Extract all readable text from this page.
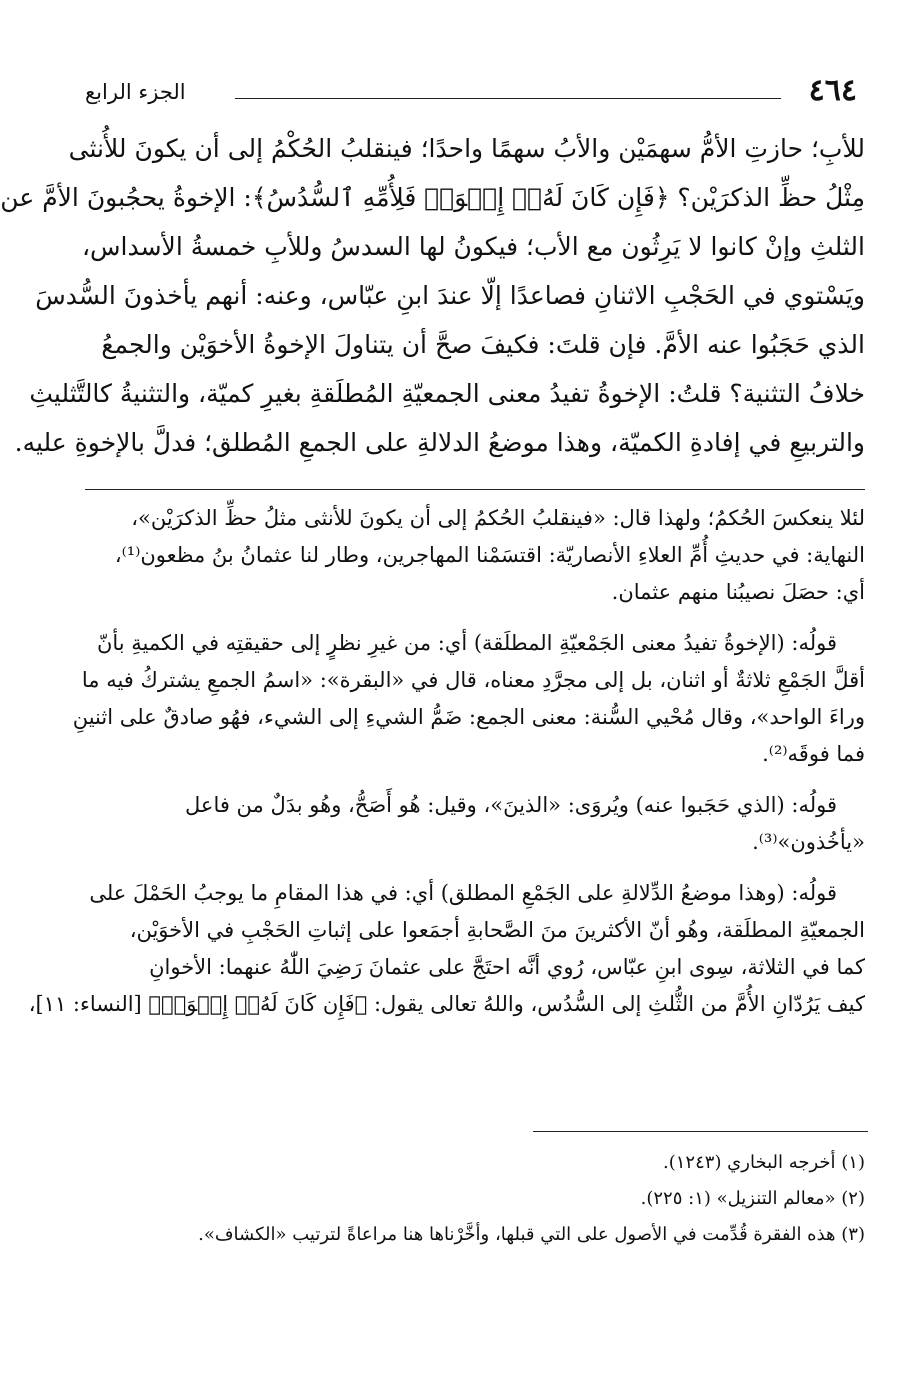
٤٦٤
الجزء الرابع
للأبِ؛ حازتِ الأمُّ سهمَيْن والأبُ سهمًا واحدًا؛ فينقلبُ الحُكْمُ إلى أن يكونَ للأُنثى
مِثْلُ حظِّ الذكرَيْن؟ ﴿فَإِن كَانَ لَهُۥٓ إِخۡوَةٞ فَلِأُمِّهِ ٱلسُّدُسُ﴾: الإخوةُ يحجُبونَ الأمَّ عن
الثلثِ وإنْ كانوا لا يَرِثُون مع الأب؛ فيكونُ لها السدسُ وللأبِ خمسةُ الأسداس،
ويَسْتوي في الحَجْبِ الاثنانِ فصاعدًا إلّا عندَ ابنِ عبّاس، وعنه: أنهم يأخذونَ السُّدسَ
الذي حَجَبُوا عنه الأمَّ. فإن قلتَ: فكيفَ صحَّ أن يتناولَ الإخوةُ الأخوَيْن والجمعُ
خلافُ التثنية؟ قلتُ: الإخوةُ تفيدُ معنى الجمعيّةِ المُطلَقةِ بغيرِ كميّة، والتثنيةُ كالتَّثليثِ
والتربيعِ في إفادةِ الكميّة، وهذا موضعُ الدلالةِ على الجمعِ المُطلق؛ فدلَّ بالإخوةِ عليه.
لئلا ينعكسَ الحُكمُ؛ ولهذا قال: «فينقلبُ الحُكمُ إلى أن يكونَ للأنثى مثلُ حظِّ الذكرَيْن»،
النهاية: في حديثِ أُمِّ العلاءِ الأنصاريّة: اقتسَمْنا المهاجرين، وطار لنا عثمانُ بنُ مظعون⁽¹⁾،
أي: حصَلَ نصيبُنا منهم عثمان.
قولُه: (الإخوةُ تفيدُ معنى الجَمْعيّةِ المطلَقة) أي: من غيرِ نظرٍ إلى حقيقتِه في الكميةِ بأنّ
أقلَّ الجَمْعِ ثلاثةٌ أو اثنان، بل إلى مجرَّدِ معناه، قال في «البقرة»: «اسمُ الجمعِ يشتركُ فيه ما
وراءَ الواحد»، وقال مُحْيي السُّنة: معنى الجمع: ضَمُّ الشيءِ إلى الشيء، فهُو صادقٌ على اثنينِ
فما فوقَه⁽²⁾.
قولُه: (الذي حَجَبوا عنه) ويُروَى: «الذينَ»، وقيل: هُو أَصَحُّ، وهُو بدَلٌ من فاعل
«يأخُذون»⁽³⁾.
قولُه: (وهذا موضعُ الدِّلالةِ على الجَمْعِ المطلق) أي: في هذا المقامِ ما يوجبُ الحَمْلَ على
الجمعيّةِ المطلَقة، وهُو أنّ الأكثرينَ منَ الصَّحابةِ أجمَعوا على إثباتِ الحَجْبِ في الأخوَيْن،
كما في الثلاثة، سِوى ابنِ عبّاس، رُوي أنَّه احتَجَّ على عثمانَ رَضِيَ اللّٰهُ عنهما: الأخوانِ
كيف يَرُدّانِ الأُمَّ من الثُّلثِ إلى السُّدُس، واللهُ تعالى يقول: ﴿فَإِن كَانَ لَهُۥٓ إِخۡوَةٞ﴾ [النساء: ١١]،
(١) أخرجه البخاري (١٢٤٣).
(٢) «معالم التنزيل» (١: ٢٢٥).
(٣) هذه الفقرة قُدِّمت في الأصول على التي قبلها، وأخَّرْناها هنا مراعاةً لترتيب «الكشاف».
